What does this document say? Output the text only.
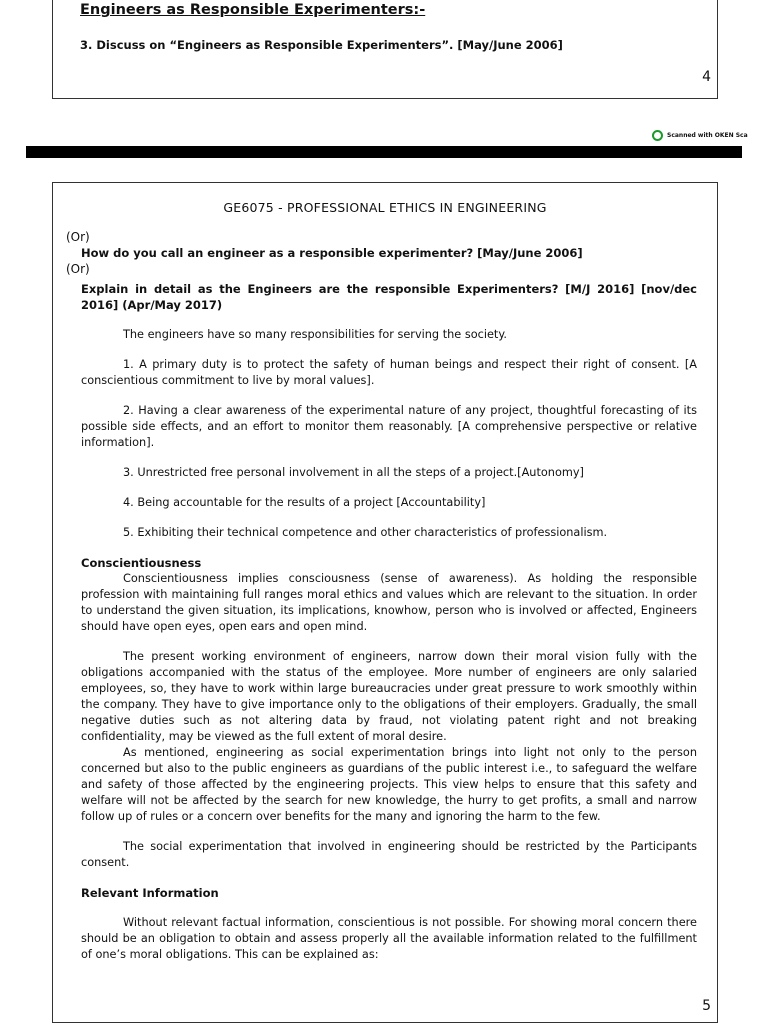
Engineers as Responsible Experimenters:-
3. Discuss on “Engineers as Responsible Experimenters”. [May/June 2006]
4
Scanned with OKEN Sca
GE6075 - PROFESSIONAL ETHICS IN ENGINEERING
(Or)
How do you call an engineer as a responsible experimenter? [May/June 2006]
(Or)
Explain in detail as the Engineers are the responsible Experimenters? [M/J 2016] [nov/dec 2016] (Apr/May 2017)

The engineers have so many responsibilities for serving the society.

1. A primary duty is to protect the safety of human beings and respect their right of consent. [A conscientious commitment to live by moral values].

2. Having a clear awareness of the experimental nature of any project, thoughtful forecasting of its possible side effects, and an effort to monitor them reasonably. [A comprehensive perspective or relative information].

3. Unrestricted free personal involvement in all the steps of a project.[Autonomy]

4. Being accountable for the results of a project [Accountability]

5. Exhibiting their technical competence and other characteristics of professionalism.

Conscientiousness

Conscientiousness implies consciousness (sense of awareness). As holding the responsible profession with maintaining full ranges moral ethics and values which are relevant to the situation. In order to understand the given situation, its implications, knowhow, person who is involved or affected, Engineers should have open eyes, open ears and open mind.

The present working environment of engineers, narrow down their moral vision fully with the obligations accompanied with the status of the employee. More number of engineers are only salaried employees, so, they have to work within large bureaucracies under great pressure to work smoothly within the company. They have to give importance only to the obligations of their employers. Gradually, the small negative duties such as not altering data by fraud, not violating patent right and not breaking confidentiality, may be viewed as the full extent of moral desire.

As mentioned, engineering as social experimentation brings into light not only to the person concerned but also to the public engineers as guardians of the public interest i.e., to safeguard the welfare and safety of those affected by the engineering projects. This view helps to ensure that this safety and welfare will not be affected by the search for new knowledge, the hurry to get profits, a small and narrow follow up of rules or a concern over benefits for the many and ignoring the harm to the few.

The social experimentation that involved in engineering should be restricted by the Participants consent.

Relevant Information

Without relevant factual information, conscientious is not possible. For showing moral concern there should be an obligation to obtain and assess properly all the available information related to the fulfillment of one’s moral obligations. This can be explained as:

5
